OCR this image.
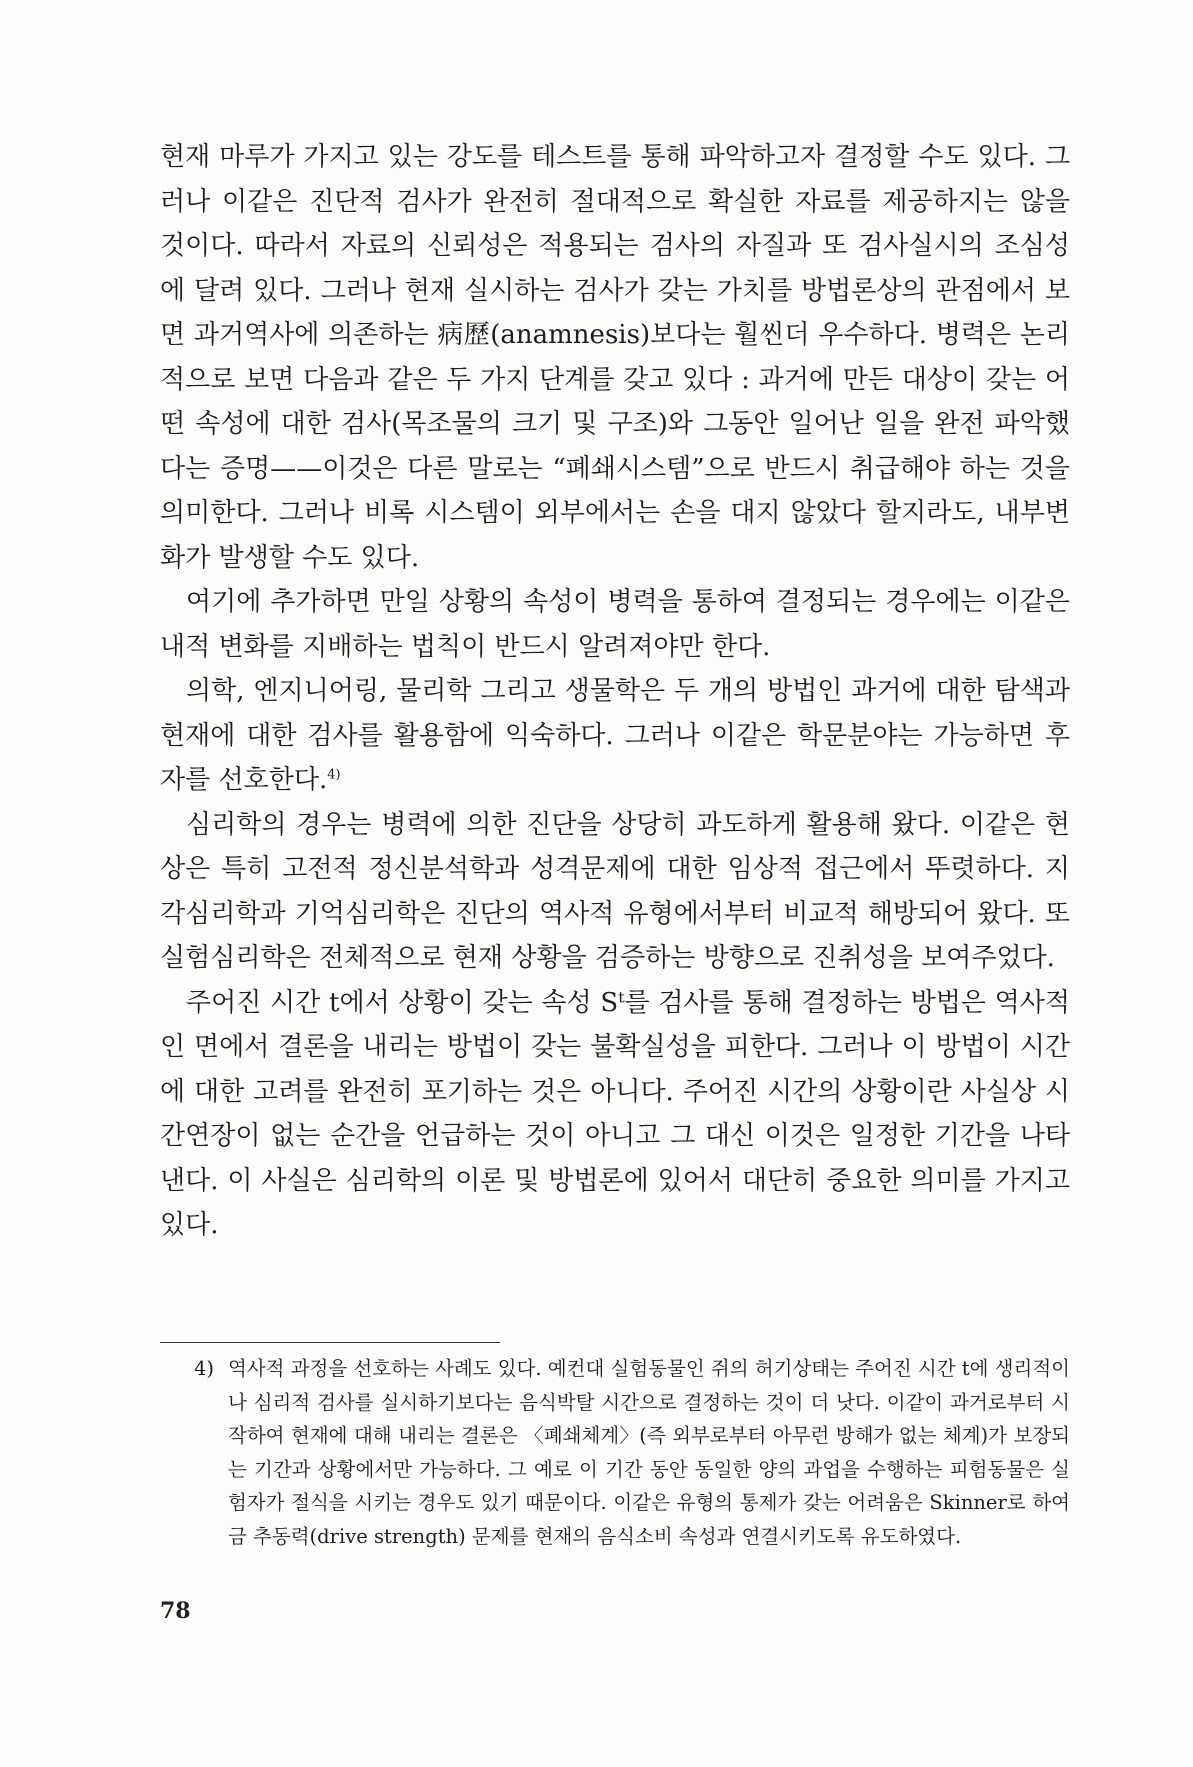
현재 마루가 가지고 있는 강도를 테스트를 통해 파악하고자 결정할 수도 있다. 그러나 이같은 진단적 검사가 완전히 절대적으로 확실한 자료를 제공하지는 않을 것이다. 따라서 자료의 신뢰성은 적용되는 검사의 자질과 또 검사실시의 조심성에 달려 있다. 그러나 현재 실시하는 검사가 갖는 가치를 방법론상의 관점에서 보면 과거역사에 의존하는 病歷(anamnesis)보다는 훨씬더 우수하다. 병력은 논리적으로 보면 다음과 같은 두 가지 단계를 갖고 있다 : 과거에 만든 대상이 갖는 어떤 속성에 대한 검사(목조물의 크기 및 구조)와 그동안 일어난 일을 완전 파악했다는 증명——이것은 다른 말로는 “폐쇄시스템”으로 반드시 취급해야 하는 것을 의미한다. 그러나 비록 시스템이 외부에서는 손을 대지 않았다 할지라도, 내부변화가 발생할 수도 있다.

여기에 추가하면 만일 상황의 속성이 병력을 통하여 결정되는 경우에는 이같은 내적 변화를 지배하는 법칙이 반드시 알려져야만 한다.

의학, 엔지니어링, 물리학 그리고 생물학은 두 개의 방법인 과거에 대한 탐색과 현재에 대한 검사를 활용함에 익숙하다. 그러나 이같은 학문분야는 가능하면 후자를 선호한다.$^{4)}$

심리학의 경우는 병력에 의한 진단을 상당히 과도하게 활용해 왔다. 이같은 현상은 특히 고전적 정신분석학과 성격문제에 대한 임상적 접근에서 뚜렷하다. 지각심리학과 기억심리학은 진단의 역사적 유형에서부터 비교적 해방되어 왔다. 또 실험심리학은 전체적으로 현재 상황을 검증하는 방향으로 진취성을 보여주었다.

주어진 시간 t에서 상황이 갖는 속성 Sᵗ를 검사를 통해 결정하는 방법은 역사적인 면에서 결론을 내리는 방법이 갖는 불확실성을 피한다. 그러나 이 방법이 시간에 대한 고려를 완전히 포기하는 것은 아니다. 주어진 시간의 상황이란 사실상 시간연장이 없는 순간을 언급하는 것이 아니고 그 대신 이것은 일정한 기간을 나타낸다. 이 사실은 심리학의 이론 및 방법론에 있어서 대단히 중요한 의미를 가지고 있다.

4) 역사적 과정을 선호하는 사례도 있다. 예컨대 실험동물인 쥐의 허기상태는 주어진 시간 t에 생리적이나 심리적 검사를 실시하기보다는 음식박탈 시간으로 결정하는 것이 더 낫다. 이같이 과거로부터 시작하여 현재에 대해 내리는 결론은 〈폐쇄체계〉(즉 외부로부터 아무런 방해가 없는 체계)가 보장되는 기간과 상황에서만 가능하다. 그 예로 이 기간 동안 동일한 양의 과업을 수행하는 피험동물은 실험자가 절식을 시키는 경우도 있기 때문이다. 이같은 유형의 통제가 갖는 어려움은 Skinner로 하여금 추동력(drive strength) 문제를 현재의 음식소비 속성과 연결시키도록 유도하였다.
78
